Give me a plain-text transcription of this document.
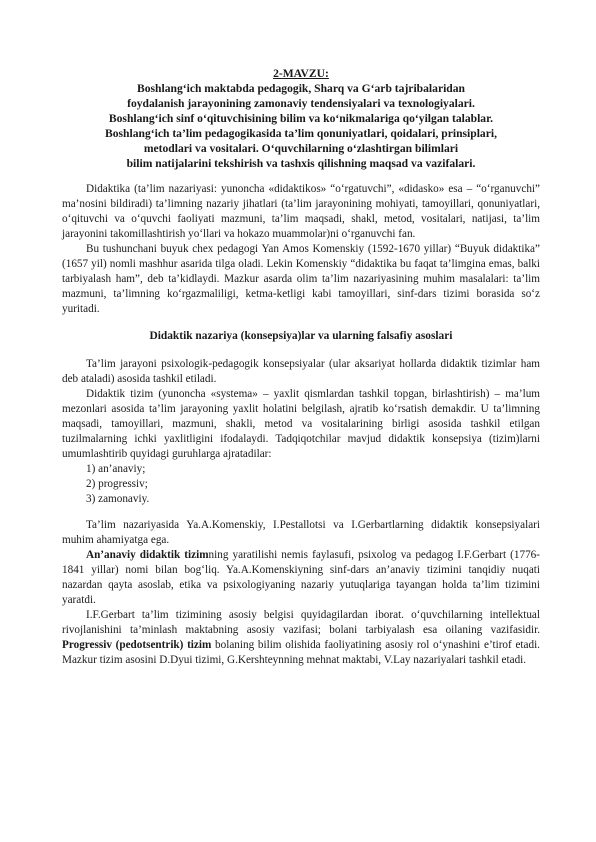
2-MAVZU:
Boshlang‘ich maktabda pedagogik, Sharq va G‘arb tajribalaridan
foydalanish jarayonining zamonaviy tendensiyalari va texnologiyalari.
Boshlang‘ich sinf o‘qituvchisining bilim va ko‘nikmalariga qo‘yilgan talablar.
Boshlang‘ich ta’lim pedagogikasida ta’lim qonuniyatlari, qoidalari, prinsiplari,
metodlari va vositalari. O‘quvchilarning o‘zlashtirgan bilimlari
bilim natijalarini tekshirish va tashxis qilishning maqsad va vazifalari.

Didaktika (ta’lim nazariyasi: yunoncha «didaktikos» “o‘rgatuvchi”, «didasko» esa – “o‘rganuvchi” ma’nosini bildiradi) ta’limning nazariy jihatlari (ta’lim jarayonining mohiyati, tamoyillari, qonuniyatlari, o‘qituvchi va o‘quvchi faoliyati mazmuni, ta’lim maqsadi, shakl, metod, vositalari, natijasi, ta’lim jarayonini takomillashtirish yo‘llari va hokazo muammolar)ni o‘rganuvchi fan.

Bu tushunchani buyuk chex pedagogi Yan Amos Komenskiy (1592-1670 yillar) “Buyuk didaktika” (1657 yil) nomli mashhur asarida tilga oladi. Lekin Komenskiy “didaktika bu faqat ta’limgina emas, balki tarbiyalash ham”, deb ta’kidlaydi. Mazkur asarda olim ta’lim nazariyasining muhim masalalari: ta’lim mazmuni, ta’limning ko‘rgazmaliligi, ketma-ketligi kabi tamoyillari, sinf-dars tizimi borasida so‘z yuritadi.

Didaktik nazariya (konsepsiya)lar va ularning falsafiy asoslari

Ta’lim jarayoni psixologik-pedagogik konsepsiyalar (ular aksariyat hollarda didaktik tizimlar ham deb ataladi) asosida tashkil etiladi.

Didaktik tizim (yunoncha «systema» – yaxlit qismlardan tashkil topgan, birlashtirish) – ma’lum mezonlari asosida ta’lim jarayoning yaxlit holatini belgilash, ajratib ko‘rsatish demakdir. U ta’limning maqsadi, tamoyillari, mazmuni, shakli, metod va vositalarining birligi asosida tashkil etilgan tuzilmalarning ichki yaxlitligini ifodalaydi. Tadqiqotchilar mavjud didaktik konsepsiya (tizim)larni umumlashtirib quyidagi guruhlarga ajratadilar:

1) an’anaviy;
2) progressiv;
3) zamonaviy.

Ta’lim nazariyasida Ya.A.Komenskiy, I.Pestallotsi va I.Gerbartlarning didaktik konsepsiyalari muhim ahamiyatga ega.

An’anaviy didaktik tizimning yaratilishi nemis faylasufi, psixolog va pedagog I.F.Gerbart (1776-1841 yillar) nomi bilan bog‘liq. Ya.A.Komenskiyning sinf-dars an’anaviy tizimini tanqidiy nuqati nazardan qayta asoslab, etika va psixologiyaning nazariy yutuqlariga tayangan holda ta’lim tizimini yaratdi.

I.F.Gerbart ta’lim tizimining asosiy belgisi quyidagilardan iborat. o‘quvchilarning intellektual rivojlanishini ta’minlash maktabning asosiy vazifasi; bolani tarbiyalash esa oilaning vazifasidir. Progressiv (pedotsentrik) tizim bolaning bilim olishida faoliyatining asosiy rol o‘ynashini e’tirof etadi. Mazkur tizim asosini D.Dyui tizimi, G.Kershteynning mehnat maktabi, V.Lay nazariyalari tashkil etadi.
